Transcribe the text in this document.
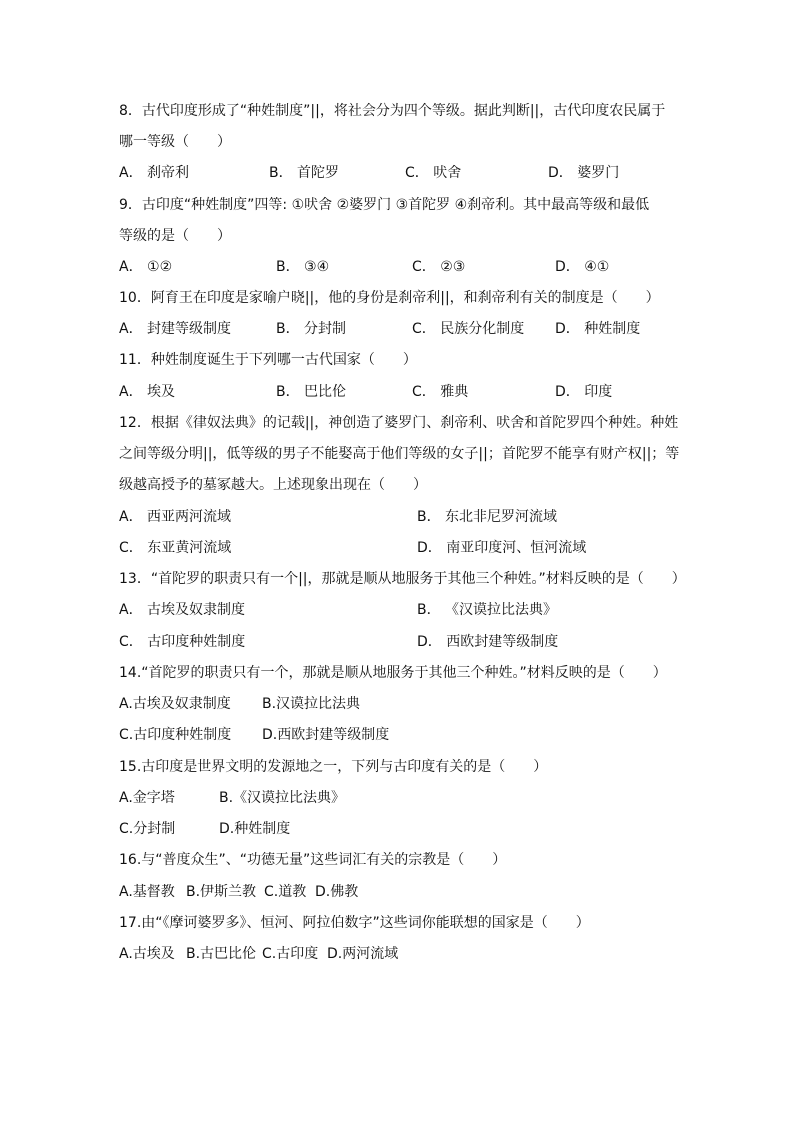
8．古代印度形成了“种姓制度”||，将社会分为四个等级。据此判断||，古代印度农民属于
哪一等级（　　）
A． 刹帝利	B． 首陀罗	C． 吠舍	D． 婆罗门
9．古印度“种姓制度”四等: ①吠舍 ②婆罗门 ③首陀罗 ④刹帝利。其中最高等级和最低
等级的是（　　）
A． ①②	B． ③④	C． ②③	D． ④①
10．阿育王在印度是家喻户晓||，他的身份是刹帝利||，和刹帝利有关的制度是（　　）
A． 封建等级制度	B． 分封制	C． 民族分化制度 D． 种姓制度
11．种姓制度诞生于下列哪一古代国家（　　）
A． 埃及	B． 巴比伦	C． 雅典	D． 印度
12．根据《律奴法典》的记载||，神创造了婆罗门、刹帝利、吠舍和首陀罗四个种姓。种姓
之间等级分明||，低等级的男子不能娶高于他们等级的女子||；首陀罗不能享有财产权||；等
级越高授予的墓冢越大。上述现象出现在（　　）
A． 西亚两河流域	B． 东北非尼罗河流域
C． 东亚黄河流域	D． 南亚印度河、恒河流域
13．“首陀罗的职责只有一个||，那就是顺从地服务于其他三个种姓。”材料反映的是（　　）
A． 古埃及奴隶制度	B． 《汉谟拉比法典》
C． 古印度种姓制度	D． 西欧封建等级制度
14.“首陀罗的职责只有一个，那就是顺从地服务于其他三个种姓。”材料反映的是（　　）
A.古埃及奴隶制度 B.汉谟拉比法典
C.古印度种姓制度 D.西欧封建等级制度
15.古印度是世界文明的发源地之一，下列与古印度有关的是（　　）
A.金字塔	B.《汉谟拉比法典》
C.分封制	D.种姓制度
16.与“普度众生”、“功德无量”这些词汇有关的宗教是（　　）
A.基督教 B.伊斯兰教 C.道教 D.佛教
17.由“《摩诃婆罗多》、恒河、阿拉伯数字”这些词你能联想的国家是（　　）
A.古埃及 B.古巴比伦 C.古印度 D.两河流域
